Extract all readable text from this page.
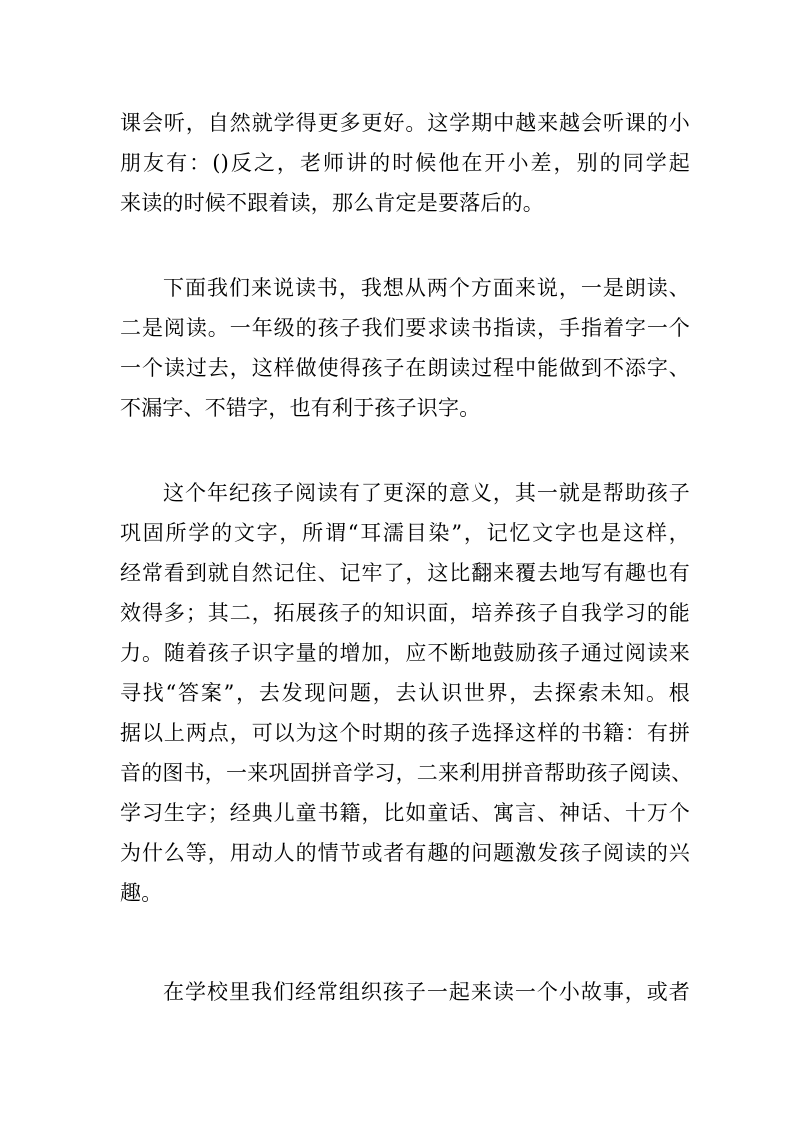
课会听，自然就学得更多更好。这学期中越来越会听课的小
朋友有：()反之，老师讲的时候他在开小差，别的同学起
来读的时候不跟着读，那么肯定是要落后的。
下面我们来说读书，我想从两个方面来说，一是朗读、
二是阅读。一年级的孩子我们要求读书指读，手指着字一个
一个读过去，这样做使得孩子在朗读过程中能做到不添字、
不漏字、不错字，也有利于孩子识字。
这个年纪孩子阅读有了更深的意义，其一就是帮助孩子
巩固所学的文字，所谓“耳濡目染”，记忆文字也是这样，
经常看到就自然记住、记牢了，这比翻来覆去地写有趣也有
效得多；其二，拓展孩子的知识面，培养孩子自我学习的能
力。随着孩子识字量的增加，应不断地鼓励孩子通过阅读来
寻找“答案”，去发现问题，去认识世界，去探索未知。根
据以上两点，可以为这个时期的孩子选择这样的书籍：有拼
音的图书，一来巩固拼音学习，二来利用拼音帮助孩子阅读、
学习生字；经典儿童书籍，比如童话、寓言、神话、十万个
为什么等，用动人的情节或者有趣的问题激发孩子阅读的兴
趣。
在学校里我们经常组织孩子一起来读一个小故事，或者
